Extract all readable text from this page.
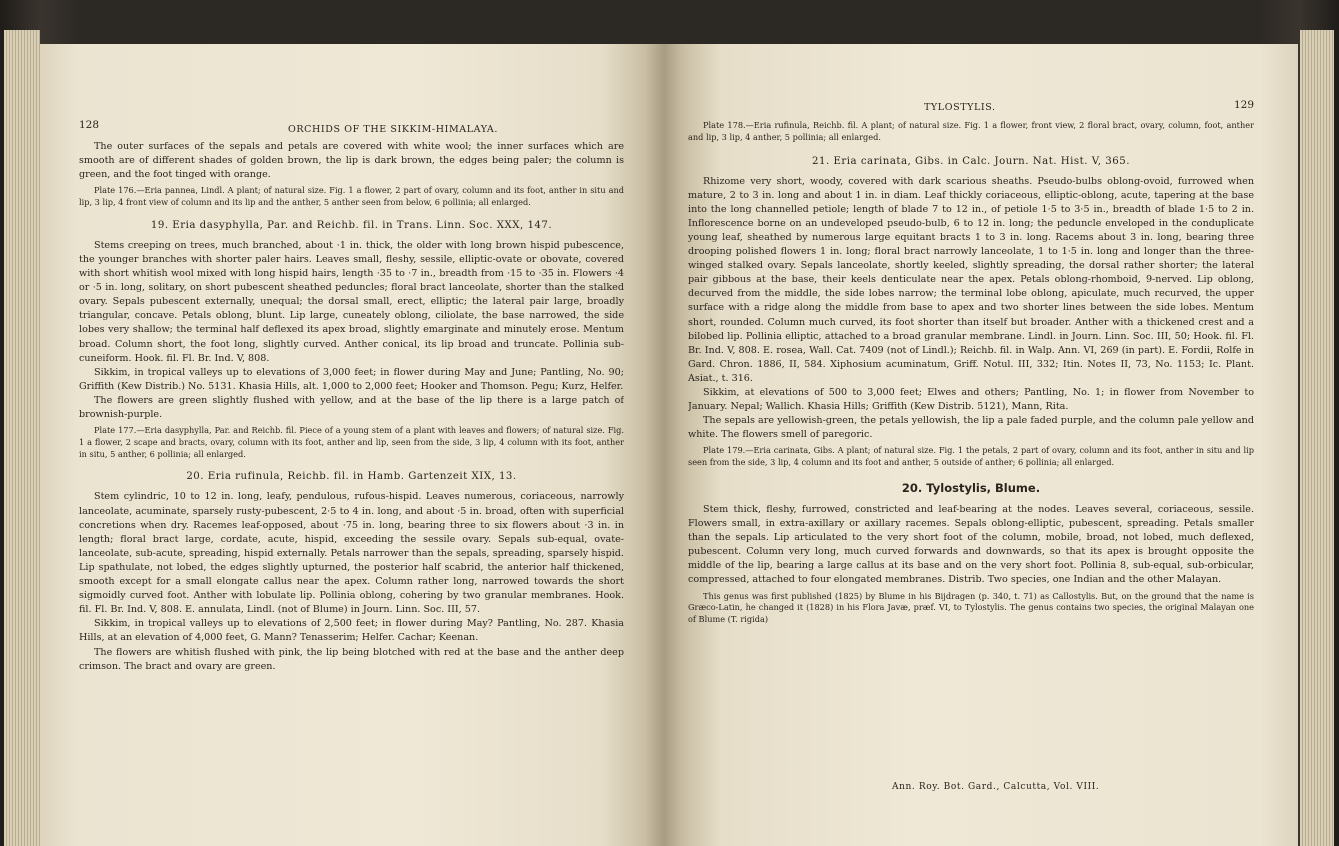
128	ORCHIDS OF THE SIKKIM-HIMALAYA.

The outer surfaces of the sepals and petals are covered with white wool; the inner surfaces which are smooth are of different shades of golden brown, the lip is dark brown, the edges being paler; the column is green, and the foot tinged with orange.

Plate 176.—Eria pannea, Lindl. A plant; of natural size. Fig. 1 a flower, 2 part of ovary, column and its foot, anther in situ and lip, 3 lip, 4 front view of column and its lip and the anther, 5 anther seen from below, 6 pollinia; all enlarged.

19. Eria dasyphylla, Par. and Reichb. fil. in Trans. Linn. Soc. XXX, 147.

Stems creeping on trees, much branched, about ·1 in. thick, the older with long brown hispid pubescence, the younger branches with shorter paler hairs. Leaves small, fleshy, sessile, elliptic-ovate or obovate, covered with short whitish wool mixed with long hispid hairs, length ·35 to ·7 in., breadth from ·15 to ·35 in. Flowers ·4 or ·5 in. long, solitary, on short pubescent sheathed peduncles; floral bract lanceolate, shorter than the stalked ovary. Sepals pubescent externally, unequal; the dorsal small, erect, elliptic; the lateral pair large, broadly triangular, concave. Petals oblong, blunt. Lip large, cuneately oblong, ciliolate, the base narrowed, the side lobes very shallow; the terminal half deflexed its apex broad, slightly emarginate and minutely erose. Mentum broad. Column short, the foot long, slightly curved. Anther conical, its lip broad and truncate. Pollinia sub-cuneiform. Hook. fil. Fl. Br. Ind. V, 808.

Sikkim, in tropical valleys up to elevations of 3,000 feet; in flower during May and June; Pantling, No. 90; Griffith (Kew Distrib.) No. 5131. Khasia Hills, alt. 1,000 to 2,000 feet; Hooker and Thomson. Pegu; Kurz, Helfer.

The flowers are green slightly flushed with yellow, and at the base of the lip there is a large patch of brownish-purple.

Plate 177.—Eria dasyphylla, Par. and Reichb. fil. Piece of a young stem of a plant with leaves and flowers; of natural size. Fig. 1 a flower, 2 scape and bracts, ovary, column with its foot, anther and lip, seen from the side, 3 lip, 4 column with its foot, anther in situ, 5 anther, 6 pollinia; all enlarged.

20. Eria rufinula, Reichb. fil. in Hamb. Gartenzeit XIX, 13.

Stem cylindric, 10 to 12 in. long, leafy, pendulous, rufous-hispid. Leaves numerous, coriaceous, narrowly lanceolate, acuminate, sparsely rusty-pubescent, 2·5 to 4 in. long, and about ·5 in. broad, often with superficial concretions when dry. Racemes leaf-opposed, about ·75 in. long, bearing three to six flowers about ·3 in. in length; floral bract large, cordate, acute, hispid, exceeding the sessile ovary. Sepals sub-equal, ovate-lanceolate, sub-acute, spreading, hispid externally. Petals narrower than the sepals, spreading, sparsely hispid. Lip spathulate, not lobed, the edges slightly upturned, the posterior half scabrid, the anterior half thickened, smooth except for a small elongate callus near the apex. Column rather long, narrowed towards the short sigmoidly curved foot. Anther with lobulate lip. Pollinia oblong, cohering by two granular membranes. Hook. fil. Fl. Br. Ind. V, 808. E. annulata, Lindl. (not of Blume) in Journ. Linn. Soc. III, 57.

Sikkim, in tropical valleys up to elevations of 2,500 feet; in flower during May? Pantling, No. 287. Khasia Hills, at an elevation of 4,000 feet, G. Mann? Tenasserim; Helfer. Cachar; Keenan.

The flowers are whitish flushed with pink, the lip being blotched with red at the base and the anther deep crimson. The bract and ovary are green.

TYLOSTYLIS.	129

Plate 178.—Eria rufinula, Reichb. fil. A plant; of natural size. Fig. 1 a flower, front view, 2 floral bract, ovary, column, foot, anther and lip, 3 lip, 4 anther, 5 pollinia; all enlarged.

21. Eria carinata, Gibs. in Calc. Journ. Nat. Hist. V, 365.

Rhizome very short, woody, covered with dark scarious sheaths. Pseudo-bulbs oblong-ovoid, furrowed when mature, 2 to 3 in. long and about 1 in. in diam. Leaf thickly coriaceous, elliptic-oblong, acute, tapering at the base into the long channelled petiole; length of blade 7 to 12 in., of petiole 1·5 to 3·5 in., breadth of blade 1·5 to 2 in. Inflorescence borne on an undeveloped pseudo-bulb, 6 to 12 in. long; the peduncle enveloped in the conduplicate young leaf, sheathed by numerous large equitant bracts 1 to 3 in. long. Racems about 3 in. long, bearing three drooping polished flowers 1 in. long; floral bract narrowly lanceolate, 1 to 1·5 in. long and longer than the three-winged stalked ovary. Sepals lanceolate, shortly keeled, slightly spreading, the dorsal rather shorter; the lateral pair gibbous at the base, their keels denticulate near the apex. Petals oblong-rhomboid, 9-nerved. Lip oblong, decurved from the middle, the side lobes narrow; the terminal lobe oblong, apiculate, much recurved, the upper surface with a ridge along the middle from base to apex and two shorter lines between the side lobes. Mentum short, rounded. Column much curved, its foot shorter than itself but broader. Anther with a thickened crest and a bilobed lip. Pollinia elliptic, attached to a broad granular membrane. Lindl. in Journ. Linn. Soc. III, 50; Hook. fil. Fl. Br. Ind. V, 808. E. rosea, Wall. Cat. 7409 (not of Lindl.); Reichb. fil. in Walp. Ann. VI, 269 (in part). E. Fordii, Rolfe in Gard. Chron. 1886, II, 584. Xiphosium acuminatum, Griff. Notul. III, 332; Itin. Notes II, 73, No. 1153; Ic. Plant. Asiat., t. 316.

Sikkim, at elevations of 500 to 3,000 feet; Elwes and others; Pantling, No. 1; in flower from November to January. Nepal; Wallich. Khasia Hills; Griffith (Kew Distrib. 5121), Mann, Rita.

The sepals are yellowish-green, the petals yellowish, the lip a pale faded purple, and the column pale yellow and white. The flowers smell of paregoric.

Plate 179.—Eria carinata, Gibs. A plant; of natural size. Fig. 1 the petals, 2 part of ovary, column and its foot, anther in situ and lip seen from the side, 3 lip, 4 column and its foot and anther, 5 outside of anther; 6 pollinia; all enlarged.

20. Tylostylis, Blume.

Stem thick, fleshy, furrowed, constricted and leaf-bearing at the nodes. Leaves several, coriaceous, sessile. Flowers small, in extra-axillary or axillary racemes. Sepals oblong-elliptic, pubescent, spreading. Petals smaller than the sepals. Lip articulated to the very short foot of the column, mobile, broad, not lobed, much deflexed, pubescent. Column very long, much curved forwards and downwards, so that its apex is brought opposite the middle of the lip, bearing a large callus at its base and on the very short foot. Pollinia 8, sub-equal, sub-orbicular, compressed, attached to four elongated membranes. Distrib. Two species, one Indian and the other Malayan.

This genus was first published (1825) by Blume in his Bijdragen (p. 340, t. 71) as Callostylis. But, on the ground that the name is Græco-Latin, he changed it (1828) in his Flora Javæ, præf. VI, to Tylostylis. The genus contains two species, the original Malayan one of Blume (T. rigida)

Ann. Roy. Bot. Gard., Calcutta, Vol. VIII.
